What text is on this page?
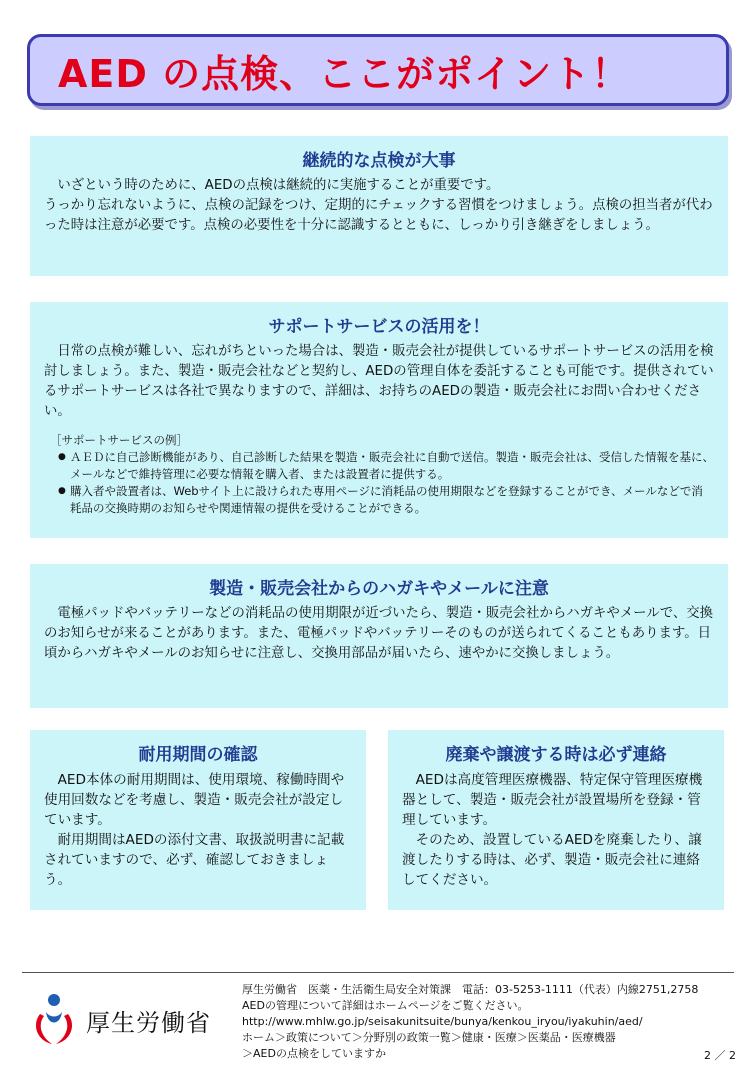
AED の点検、ここがポイント！
継続的な点検が大事

いざという時のために、AEDの点検は継続的に実施することが重要です。

うっかり忘れないように、点検の記録をつけ、定期的にチェックする習慣をつけましょう。点検の担当者が代わった時は注意が必要です。点検の必要性を十分に認識するとともに、しっかり引き継ぎをしましょう。

サポートサービスの活用を！

日常の点検が難しい、忘れがちといった場合は、製造・販売会社が提供しているサポートサービスの活用を検討しましょう。また、製造・販売会社などと契約し、AEDの管理自体を委託することも可能です。提供されているサポートサービスは各社で異なりますので、詳細は、お持ちのAEDの製造・販売会社にお問い合わせください。

［サポートサービスの例］
● ＡＥＤに自己診断機能があり、自己診断した結果を製造・販売会社に自動で送信。製造・販売会社は、受信した情報を基に、メールなどで維持管理に必要な情報を購入者、または設置者に提供する。
● 購入者や設置者は、Webサイト上に設けられた専用ページに消耗品の使用期限などを登録することができ、メールなどで消耗品の交換時期のお知らせや関連情報の提供を受けることができる。
製造・販売会社からのハガキやメールに注意

電極パッドやバッテリーなどの消耗品の使用期限が近づいたら、製造・販売会社からハガキやメールで、交換のお知らせが来ることがあります。また、電極パッドやバッテリーそのものが送られてくることもあります。日頃からハガキやメールのお知らせに注意し、交換用部品が届いたら、速やかに交換しましょう。

耐用期間の確認

AED本体の耐用期間は、使用環境、稼働時間や使用回数などを考慮し、製造・販売会社が設定しています。

耐用期間はAEDの添付文書、取扱説明書に記載されていますので、必ず、確認しておきましょう。

廃棄や譲渡する時は必ず連絡

AEDは高度管理医療機器、特定保守管理医療機器として、製造・販売会社が設置場所を登録・管理しています。

そのため、設置しているAEDを廃棄したり、譲渡したりする時は、必ず、製造・販売会社に連絡してください。

厚生労働省
厚生労働省　医薬・生活衛生局安全対策課　電話：03-5253-1111（代表）内線2751,2758
AEDの管理について詳細はホームページをご覧ください。
http://www.mhlw.go.jp/seisakunitsuite/bunya/kenkou_iryou/iyakuhin/aed/
ホーム＞政策について＞分野別の政策一覧＞健康・医療＞医薬品・医療機器
＞AEDの点検をしていますか	2 ／ 2
